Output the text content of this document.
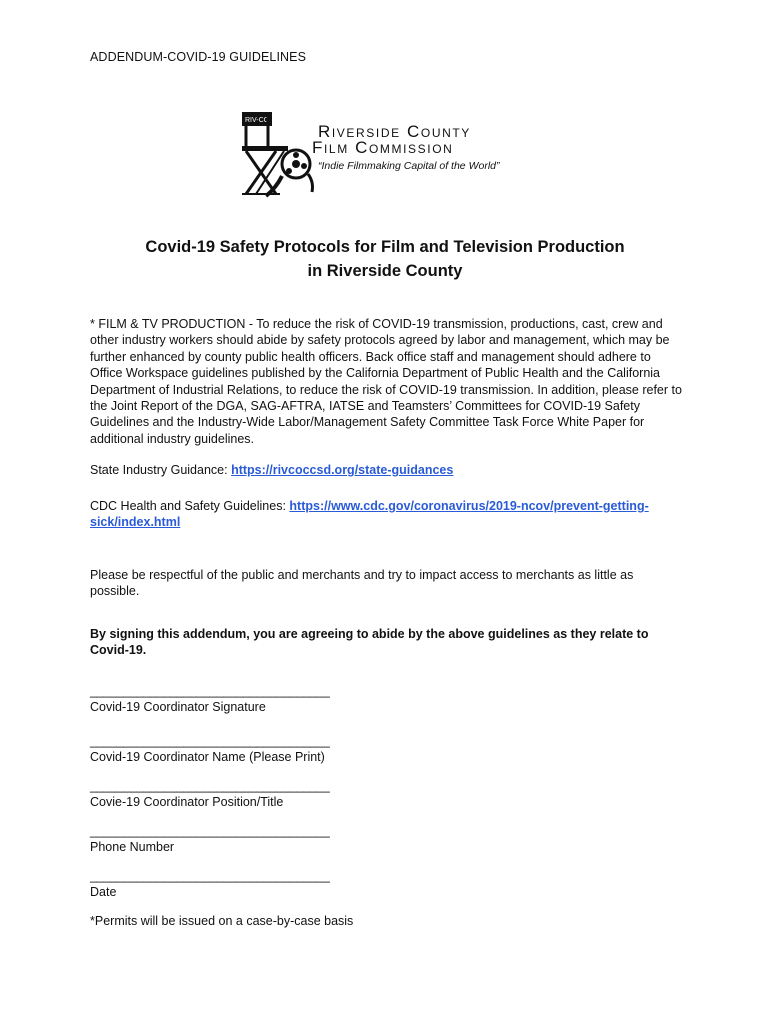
ADDENDUM-COVID-19 GUIDELINES
RIV-CO
Riverside County
Film Commission
“Indie Filmmaking Capital of the World”
Covid-19 Safety Protocols for Film and Television Production
in Riverside County
* FILM & TV PRODUCTION - To reduce the risk of COVID-19 transmission, productions, cast, crew and other industry workers should abide by safety protocols agreed by labor and management, which may be further enhanced by county public health officers. Back office staff and management should adhere to Office Workspace guidelines published by the California Department of Public Health and the California Department of Industrial Relations, to reduce the risk of COVID-19 transmission. In addition, please refer to the Joint Report of the DGA, SAG-AFTRA, IATSE and Teamsters’ Committees for COVID-19 Safety Guidelines and the Industry-Wide Labor/Management Safety Committee Task Force White Paper for additional industry guidelines.
State Industry Guidance: https://rivcoccsd.org/state-guidances
CDC Health and Safety Guidelines: https://www.cdc.gov/coronavirus/2019-ncov/prevent-getting-sick/index.html
Please be respectful of the public and merchants and try to impact access to merchants as little as possible.
By signing this addendum, you are agreeing to abide by the above guidelines as they relate to Covid-19.
____________________________________
Covid-19 Coordinator Signature
____________________________________
Covid-19 Coordinator Name (Please Print)
____________________________________
Covie-19 Coordinator Position/Title
____________________________________
Phone Number
____________________________________
Date
*Permits will be issued on a case-by-case basis
